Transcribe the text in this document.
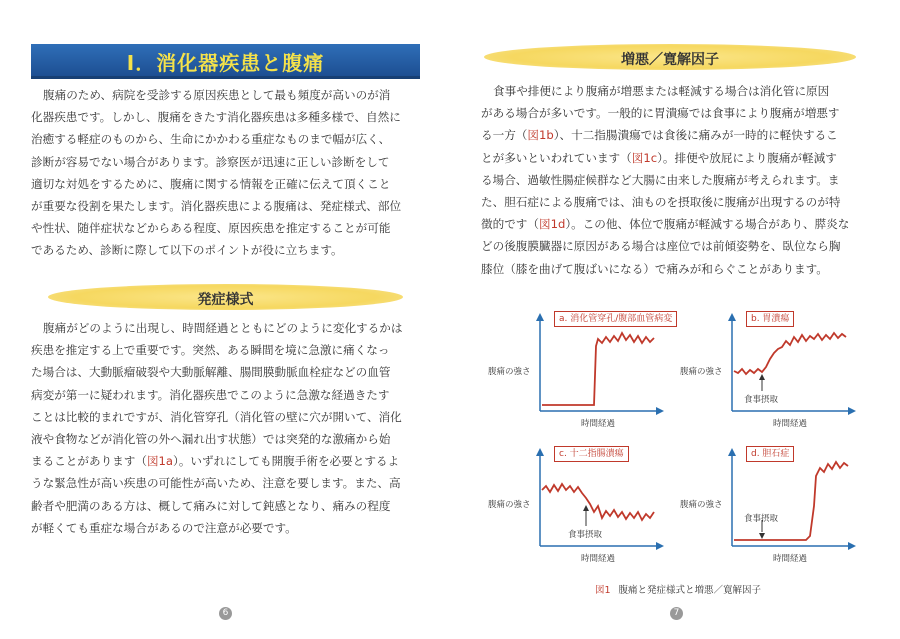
I．消化器疾患と腹痛
腹痛のため、病院を受診する原因疾患として最も頻度が高いのが消
化器疾患です。しかし、腹痛をきたす消化器疾患は多種多様で、自然に
治癒する軽症のものから、生命にかかわる重症なものまで幅が広く、
診断が容易でない場合があります。診察医が迅速に正しい診断をして
適切な対処をするために、腹痛に関する情報を正確に伝えて頂くこと
が重要な役割を果たします。消化器疾患による腹痛は、発症様式、部位
や性状、随伴症状などからある程度、原因疾患を推定することが可能
であるため、診断に際して以下のポイントが役に立ちます。
発症様式
腹痛がどのように出現し、時間経過とともにどのように変化するかは
疾患を推定する上で重要です。突然、ある瞬間を境に急激に痛くなっ
た場合は、大動脈瘤破裂や大動脈解離、腸間膜動脈血栓症などの血管
病変が第一に疑われます。消化器疾患でこのように急激な経過きたす
ことは比較的まれですが、消化管穿孔（消化管の壁に穴が開いて、消化
液や食物などが消化管の外へ漏れ出す状態）では突発的な激痛から始
まることがあります（図1a）。いずれにしても開腹手術を必要とするよ
うな緊急性が高い疾患の可能性が高いため、注意を要します。また、高
齢者や肥満のある方は、概して痛みに対して鈍感となり、痛みの程度
が軽くても重症な場合があるので注意が必要です。
6
増悪／寛解因子
食事や排便により腹痛が増悪または軽減する場合は消化管に原因
がある場合が多いです。一般的に胃潰瘍では食事により腹痛が増悪す
る一方（図1b）、十二指腸潰瘍では食後に痛みが一時的に軽快するこ
とが多いといわれています（図1c）。排便や放屁により腹痛が軽減す
る場合、過敏性腸症候群など大腸に由来した腹痛が考えられます。ま
た、胆石症による腹痛では、油ものを摂取後に腹痛が出現するのが特
徴的です（図1d）。この他、体位で腹痛が軽減する場合があり、膵炎な
どの後腹膜臓器に原因がある場合は座位では前傾姿勢を、臥位なら胸
膝位（膝を曲げて腹ばいになる）で痛みが和らぐことがあります。
a. 消化管穿孔/腹部血管病変
腹痛の強さ
時間経過
b. 胃潰瘍
腹痛の強さ
時間経過
食事摂取
c. 十二指腸潰瘍
腹痛の強さ
時間経過
食事摂取
d. 胆石症
腹痛の強さ
時間経過
食事摂取
図1 腹痛と発症様式と増悪／寛解因子
7
